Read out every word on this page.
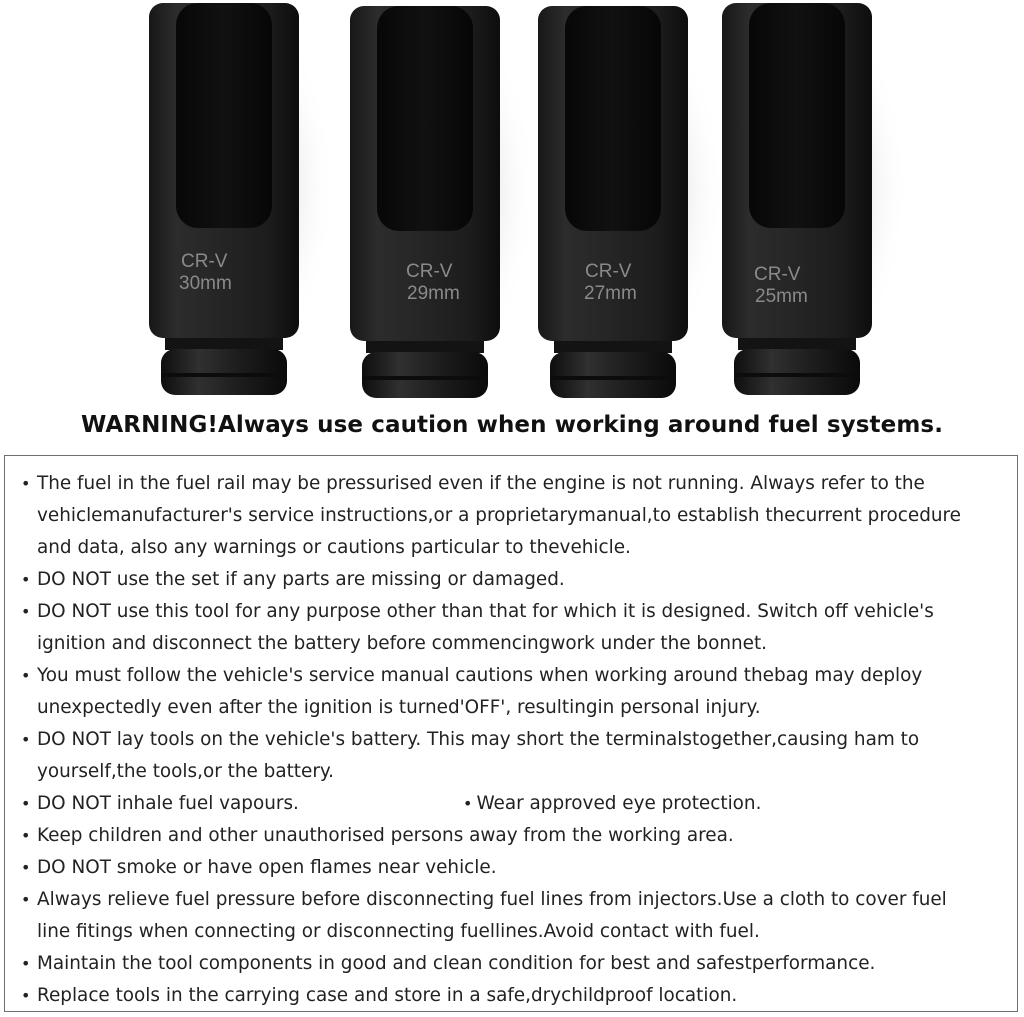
CR-V
30mm
CR-V
29mm
CR-V
27mm
CR-V
25mm
WARNING!Always use caution when working around fuel systems.
• The fuel in the fuel rail may be pressurised even if the engine is not running. Always refer to the
vehiclemanufacturer's service instructions,or a proprietarymanual,to establish thecurrent procedure
and data, also any warnings or cautions particular to thevehicle.
• DO NOT use the set if any parts are missing or damaged.
• DO NOT use this tool for any purpose other than that for which it is designed. Switch off vehicle's
ignition and disconnect the battery before commencingwork under the bonnet.
• You must follow the vehicle's service manual cautions when working around thebag may deploy
unexpectedly even after the ignition is turned'OFF', resultingin personal injury.
• DO NOT lay tools on the vehicle's battery. This may short the terminalstogether,causing ham to
yourself,the tools,or the battery.
• DO NOT inhale fuel vapours.	• Wear approved eye protection.
• Keep children and other unauthorised persons away from the working area.
• DO NOT smoke or have open flames near vehicle.
• Always relieve fuel pressure before disconnecting fuel lines from injectors.Use a cloth to cover fuel
line fitings when connecting or disconnecting fuellines.Avoid contact with fuel.
• Maintain the tool components in good and clean condition for best and safestperformance.
• Replace tools in the carrying case and store in a safe,drychildproof location.
